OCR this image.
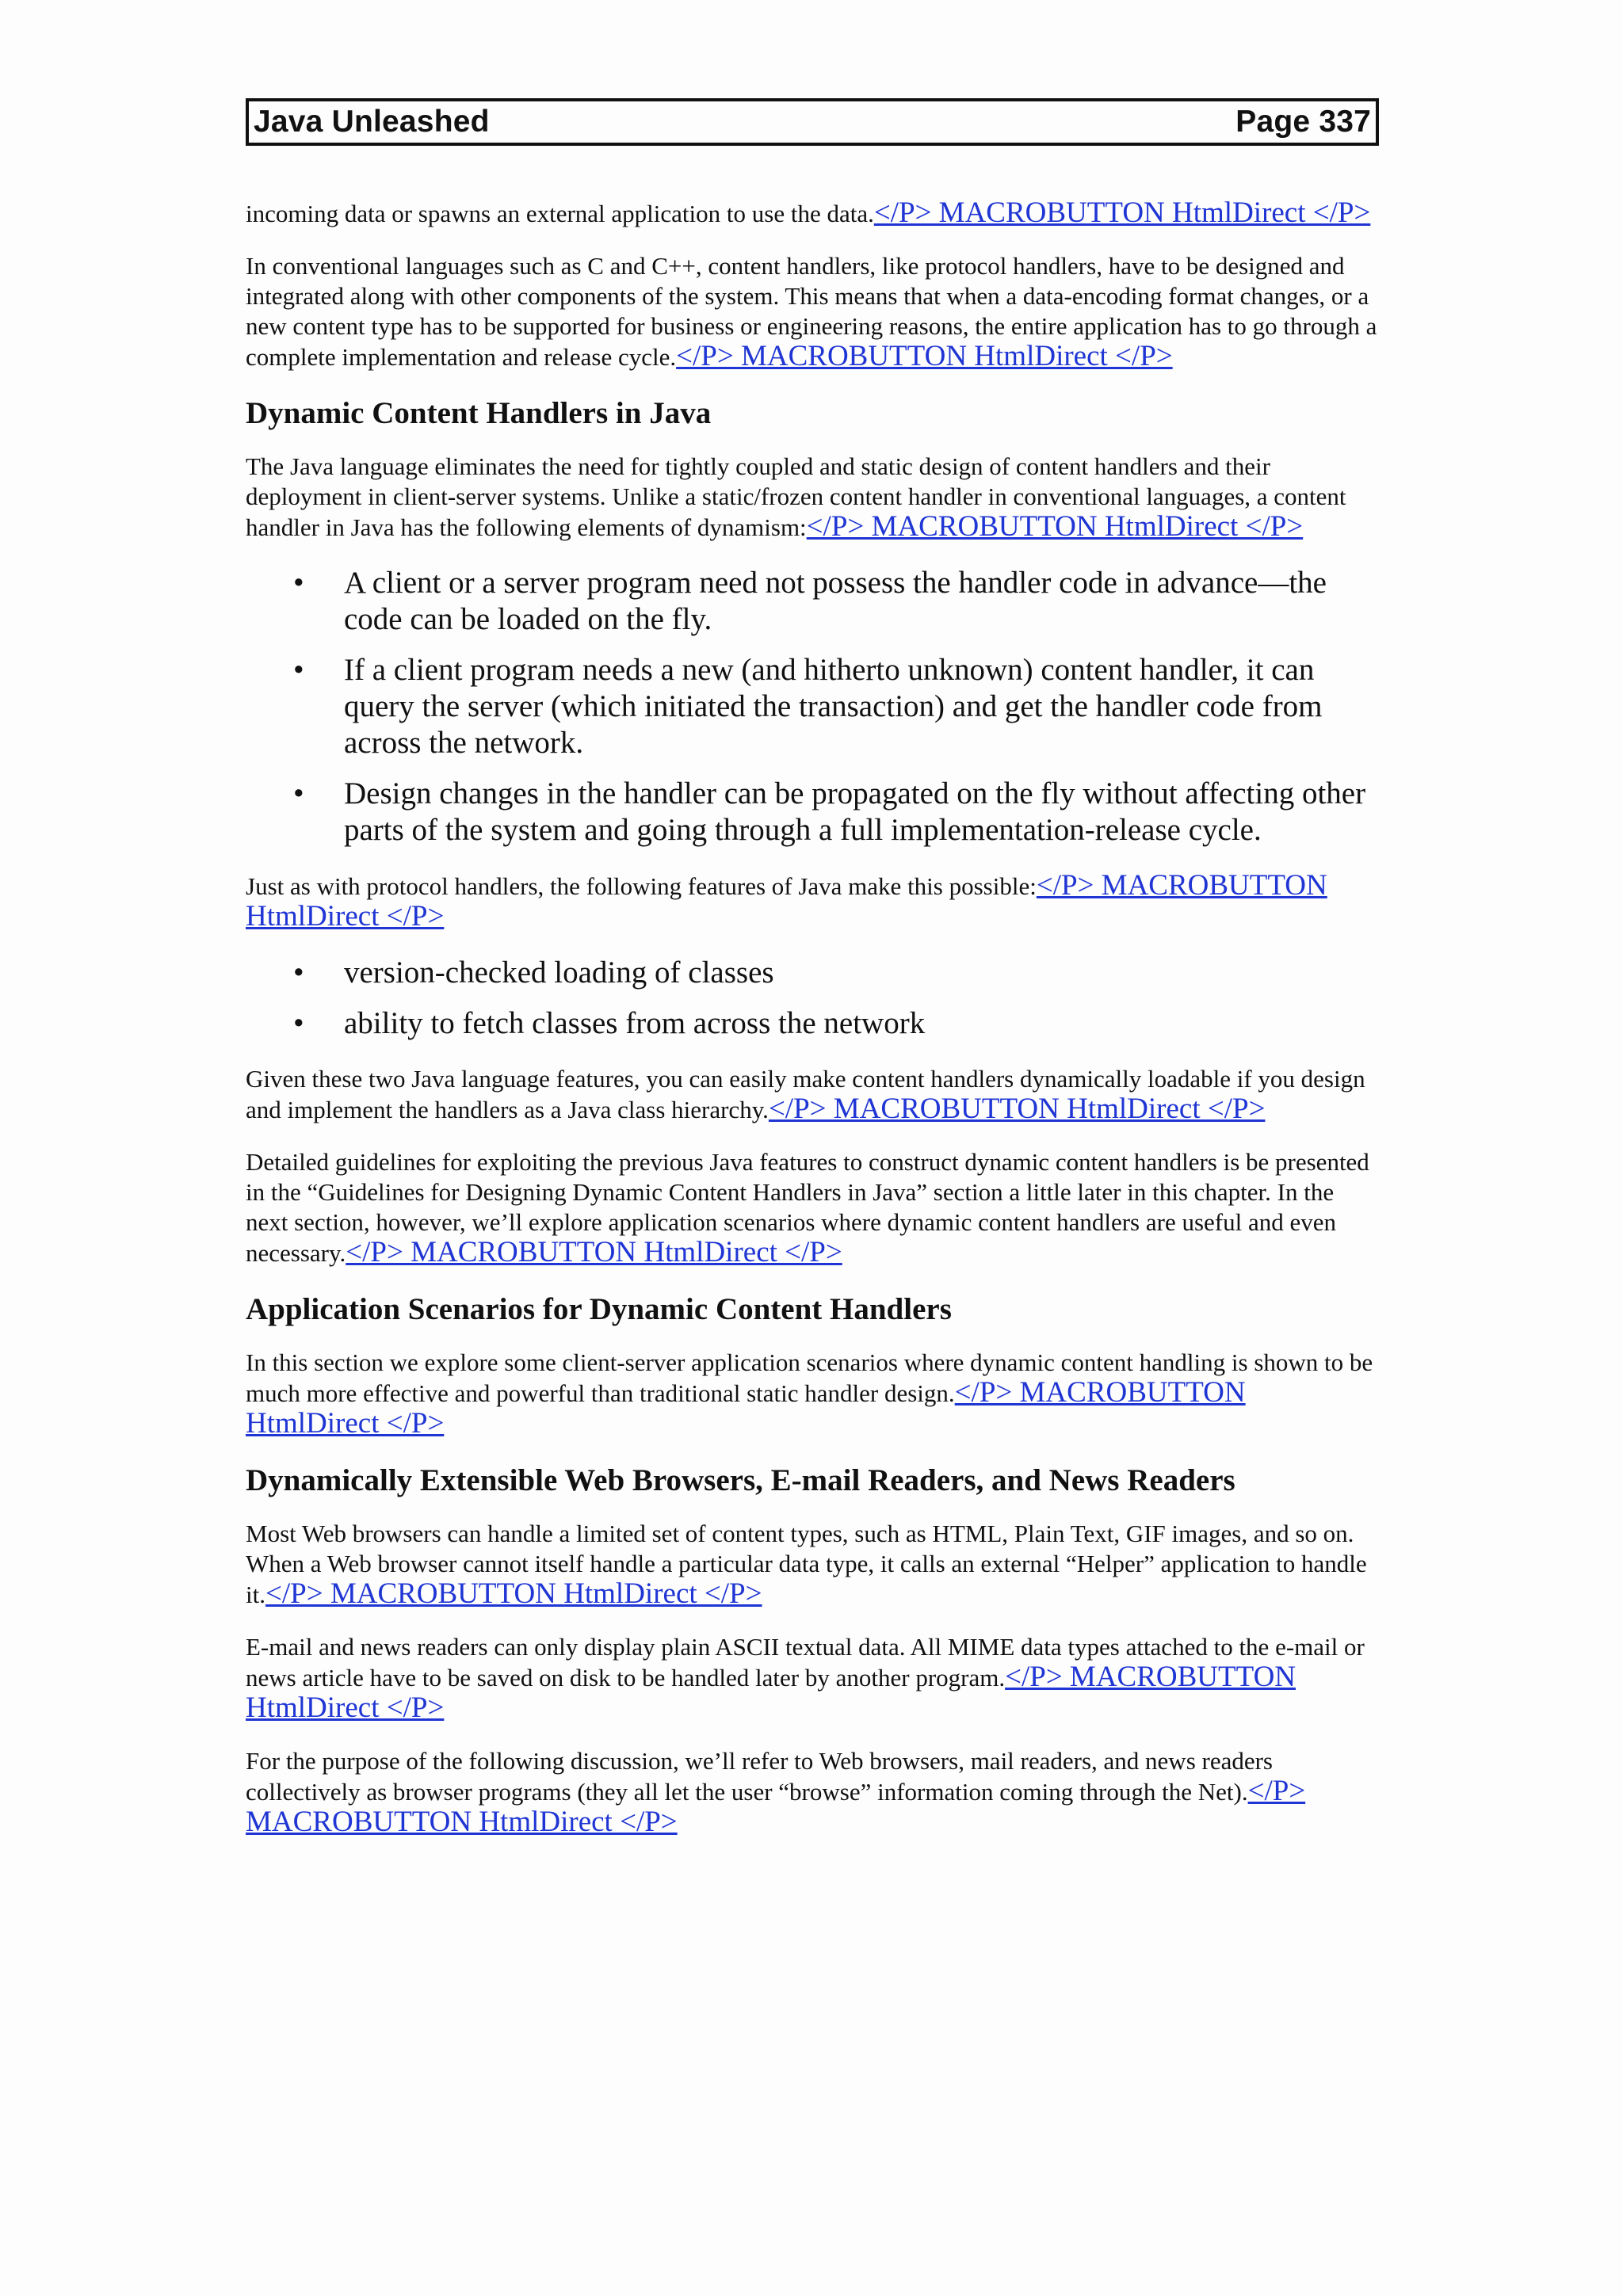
Java Unleashed	Page 337

incoming data or spawns an external application to use the data.</P> MACROBUTTON HtmlDirect </P>

In conventional languages such as C and C++, content handlers, like protocol handlers, have to be designed and integrated along with other components of the system. This means that when a data-encoding format changes, or a new content type has to be supported for business or engineering reasons, the entire application has to go through a complete implementation and release cycle.</P> MACROBUTTON HtmlDirect </P>

Dynamic Content Handlers in Java

The Java language eliminates the need for tightly coupled and static design of content handlers and their deployment in client-server systems. Unlike a static/frozen content handler in conventional languages, a content handler in Java has the following elements of dynamism:</P> MACROBUTTON HtmlDirect </P>

• A client or a server program need not possess the handler code in advance—the code can be loaded on the fly.
• If a client program needs a new (and hitherto unknown) content handler, it can query the server (which initiated the transaction) and get the handler code from across the network.
• Design changes in the handler can be propagated on the fly without affecting other parts of the system and going through a full implementation-release cycle.

Just as with protocol handlers, the following features of Java make this possible:</P> MACROBUTTON HtmlDirect </P>

• version-checked loading of classes
• ability to fetch classes from across the network

Given these two Java language features, you can easily make content handlers dynamically loadable if you design and implement the handlers as a Java class hierarchy.</P> MACROBUTTON HtmlDirect </P>

Detailed guidelines for exploiting the previous Java features to construct dynamic content handlers is be presented in the “Guidelines for Designing Dynamic Content Handlers in Java” section a little later in this chapter. In the next section, however, we’ll explore application scenarios where dynamic content handlers are useful and even necessary.</P> MACROBUTTON HtmlDirect </P>

Application Scenarios for Dynamic Content Handlers

In this section we explore some client-server application scenarios where dynamic content handling is shown to be much more effective and powerful than traditional static handler design.</P> MACROBUTTON HtmlDirect </P>

Dynamically Extensible Web Browsers, E-mail Readers, and News Readers

Most Web browsers can handle a limited set of content types, such as HTML, Plain Text, GIF images, and so on. When a Web browser cannot itself handle a particular data type, it calls an external “Helper” application to handle it.</P> MACROBUTTON HtmlDirect </P>

E-mail and news readers can only display plain ASCII textual data. All MIME data types attached to the e-mail or news article have to be saved on disk to be handled later by another program.</P> MACROBUTTON HtmlDirect </P>

For the purpose of the following discussion, we’ll refer to Web browsers, mail readers, and news readers collectively as browser programs (they all let the user “browse” information coming through the Net).</P> MACROBUTTON HtmlDirect </P>
